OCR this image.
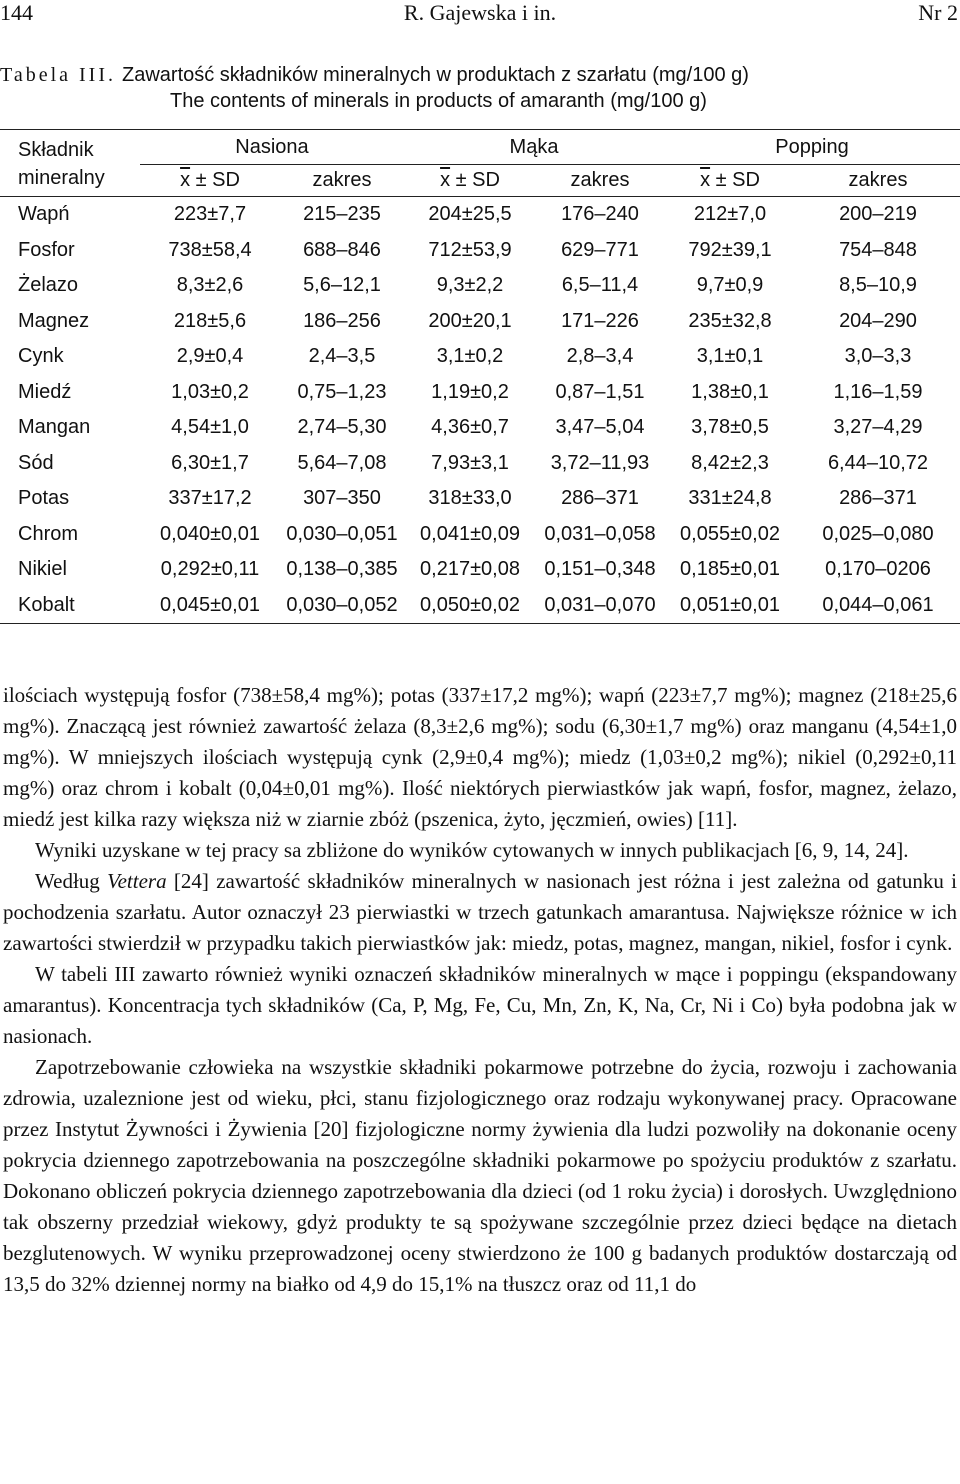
144	R. Gajewska i in.	Nr 2
Tabela III. Zawartość składników mineralnych w produktach z szarłatu (mg/100 g)
The contents of minerals in products of amaranth (mg/100 g)
Składnik
mineralny	Nasiona		Mąka		Popping	
	$\overline{x}$ ± SD	zakres	$\overline{x}$ ± SD	zakres	$\overline{x}$ ± SD	zakres
Wapń	223±7,7	215–235	204±25,5	176–240	212±7,0	200–219
Fosfor	738±58,4	688–846	712±53,9	629–771	792±39,1	754–848
Żelazo	8,3±2,6	5,6–12,1	9,3±2,2	6,5–11,4	9,7±0,9	8,5–10,9
Magnez	218±5,6	186–256	200±20,1	171–226	235±32,8	204–290
Cynk	2,9±0,4	2,4–3,5	3,1±0,2	2,8–3,4	3,1±0,1	3,0–3,3
Miedź	1,03±0,2	0,75–1,23	1,19±0,2	0,87–1,51	1,38±0,1	1,16–1,59
Mangan	4,54±1,0	2,74–5,30	4,36±0,7	3,47–5,04	3,78±0,5	3,27–4,29
Sód	6,30±1,7	5,64–7,08	7,93±3,1	3,72–11,93	8,42±2,3	6,44–10,72
Potas	337±17,2	307–350	318±33,0	286–371	331±24,8	286–371
Chrom	0,040±0,01	0,030–0,051	0,041±0,09	0,031–0,058	0,055±0,02	0,025–0,080
Nikiel	0,292±0,11	0,138–0,385	0,217±0,08	0,151–0,348	0,185±0,01	0,170–0206
Kobalt	0,045±0,01	0,030–0,052	0,050±0,02	0,031–0,070	0,051±0,01	0,044–0,061

ilościach występują fosfor (738±58,4 mg%); potas (337±17,2 mg%); wapń (223±7,7 mg%); magnez (218±25,6 mg%). Znaczącą jest również zawartość żelaza (8,3±2,6 mg%); sodu (6,30±1,7 mg%) oraz manganu (4,54±1,0 mg%). W mniejszych ilościach występują cynk (2,9±0,4 mg%); miedz (1,03±0,2 mg%); nikiel (0,292±0,11 mg%) oraz chrom i kobalt (0,04±0,01 mg%). Ilość niektórych pierwiastków jak wapń, fosfor, magnez, żelazo, miedź jest kilka razy większa niż w ziarnie zbóż (pszenica, żyto, jęczmień, owies) [11].

Wyniki uzyskane w tej pracy sa zbliżone do wyników cytowanych w innych publikacjach [6, 9, 14, 24].

Według Vettera [24] zawartość składników mineralnych w nasionach jest różna i jest zależna od gatunku i pochodzenia szarłatu. Autor oznaczył 23 pierwiastki w trzech gatunkach amarantusa. Największe różnice w ich zawartości stwierdził w przypadku takich pierwiastków jak: miedz, potas, magnez, mangan, nikiel, fosfor i cynk.

W tabeli III zawarto również wyniki oznaczeń składników mineralnych w mące i poppingu (ekspandowany amarantus). Koncentracja tych składników (Ca, P, Mg, Fe, Cu, Mn, Zn, K, Na, Cr, Ni i Co) była podobna jak w nasionach.

Zapotrzebowanie człowieka na wszystkie składniki pokarmowe potrzebne do życia, rozwoju i zachowania zdrowia, uzaleznione jest od wieku, płci, stanu fizjologicznego oraz rodzaju wykonywanej pracy. Opracowane przez Instytut Żywności i Żywienia [20] fizjologiczne normy żywienia dla ludzi pozwoliły na dokonanie oceny pokrycia dziennego zapotrzebowania na poszczególne składniki pokarmowe po spożyciu produktów z szarłatu. Dokonano obliczeń pokrycia dziennego zapotrzebowania dla dzieci (od 1 roku życia) i dorosłych. Uwzględniono tak obszerny przedział wiekowy, gdyż produkty te są spożywane szczególnie przez dzieci będące na dietach bezglutenowych. W wyniku przeprowadzonej oceny stwierdzono że 100 g badanych produktów dostarczają od 13,5 do 32% dziennej normy na białko od 4,9 do 15,1% na tłuszcz oraz od 11,1 do
